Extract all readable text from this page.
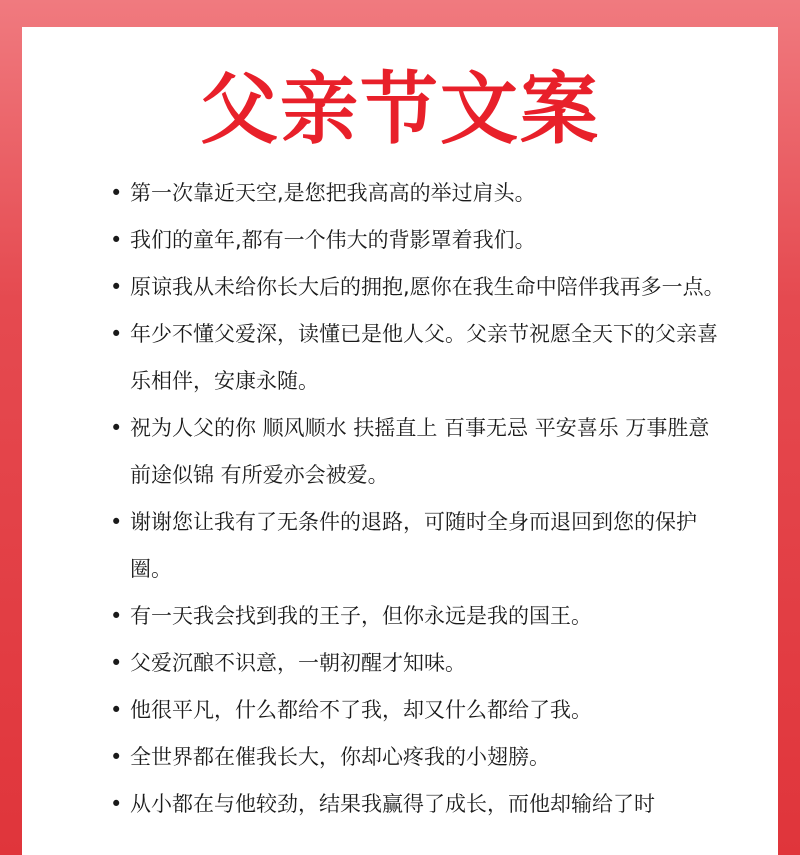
父亲节文案
• 第一次靠近天空,是您把我高高的举过肩头。
• 我们的童年,都有一个伟大的背影罩着我们。
• 原谅我从未给你长大后的拥抱,愿你在我生命中陪伴我再多一点。
• 年少不懂父爱深，读懂已是他人父。父亲节祝愿全天下的父亲喜乐相伴，安康永随。
• 祝为人父的你 顺风顺水 扶摇直上 百事无忌 平安喜乐 万事胜意 前途似锦 有所爱亦会被爱。
• 谢谢您让我有了无条件的退路，可随时全身而退回到您的保护圈。
• 有一天我会找到我的王子，但你永远是我的国王。
• 父爱沉酿不识意，一朝初醒才知味。
• 他很平凡，什么都给不了我，却又什么都给了我。
• 全世界都在催我长大，你却心疼我的小翅膀。
• 从小都在与他较劲，结果我赢得了成长，而他却输给了时
